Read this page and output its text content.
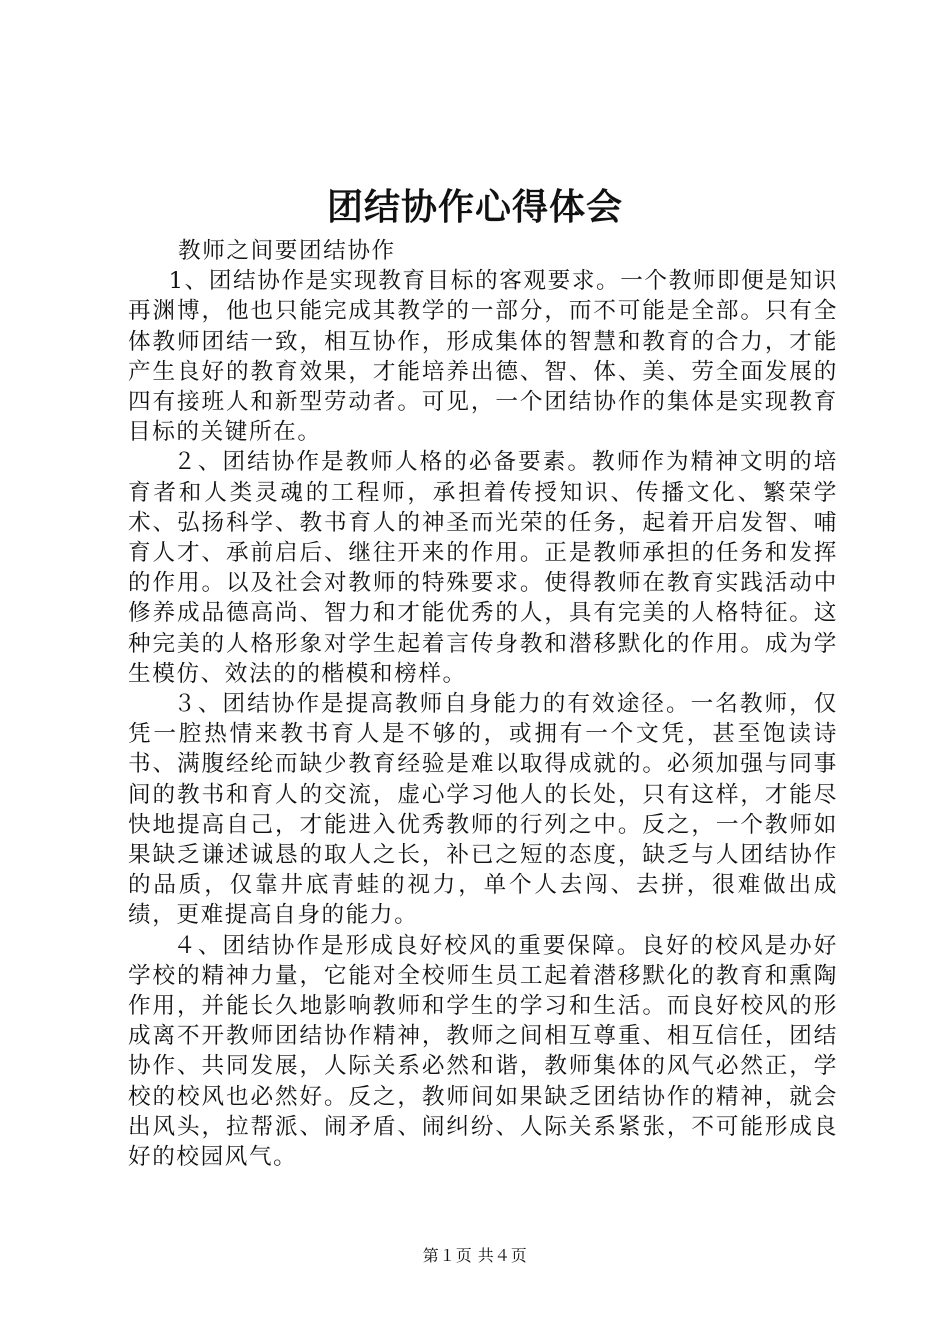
团结协作心得体会

教师之间要团结协作

1、团结协作是实现教育目标的客观要求。一个教师即便是知识再渊博，他也只能完成其教学的一部分，而不可能是全部。只有全体教师团结一致，相互协作，形成集体的智慧和教育的合力，才能产生良好的教育效果，才能培养出德、智、体、美、劳全面发展的四有接班人和新型劳动者。可见，一个团结协作的集体是实现教育目标的关键所在。

２、团结协作是教师人格的必备要素。教师作为精神文明的培育者和人类灵魂的工程师，承担着传授知识、传播文化、繁荣学术、弘扬科学、教书育人的神圣而光荣的任务，起着开启发智、哺育人才、承前启后、继往开来的作用。正是教师承担的任务和发挥的作用。以及社会对教师的特殊要求。使得教师在教育实践活动中修养成品德高尚、智力和才能优秀的人，具有完美的人格特征。这种完美的人格形象对学生起着言传身教和潜移默化的作用。成为学生模仿、效法的的楷模和榜样。

３、团结协作是提高教师自身能力的有效途径。一名教师，仅凭一腔热情来教书育人是不够的，或拥有一个文凭，甚至饱读诗书、满腹经纶而缺少教育经验是难以取得成就的。必须加强与同事间的教书和育人的交流，虚心学习他人的长处，只有这样，才能尽快地提高自己，才能进入优秀教师的行列之中。反之，一个教师如果缺乏谦述诚恳的取人之长，补已之短的态度，缺乏与人团结协作的品质，仅靠井底青蛙的视力，单个人去闯、去拼，很难做出成绩，更难提高自身的能力。

４、团结协作是形成良好校风的重要保障。良好的校风是办好学校的精神力量，它能对全校师生员工起着潜移默化的教育和熏陶作用，并能长久地影响教师和学生的学习和生活。而良好校风的形成离不开教师团结协作精神，教师之间相互尊重、相互信任，团结协作、共同发展，人际关系必然和谐，教师集体的风气必然正，学校的校风也必然好。反之，教师间如果缺乏团结协作的精神，就会出风头，拉帮派、闹矛盾、闹纠纷、人际关系紧张，不可能形成良好的校园风气。

第１页 共４页
